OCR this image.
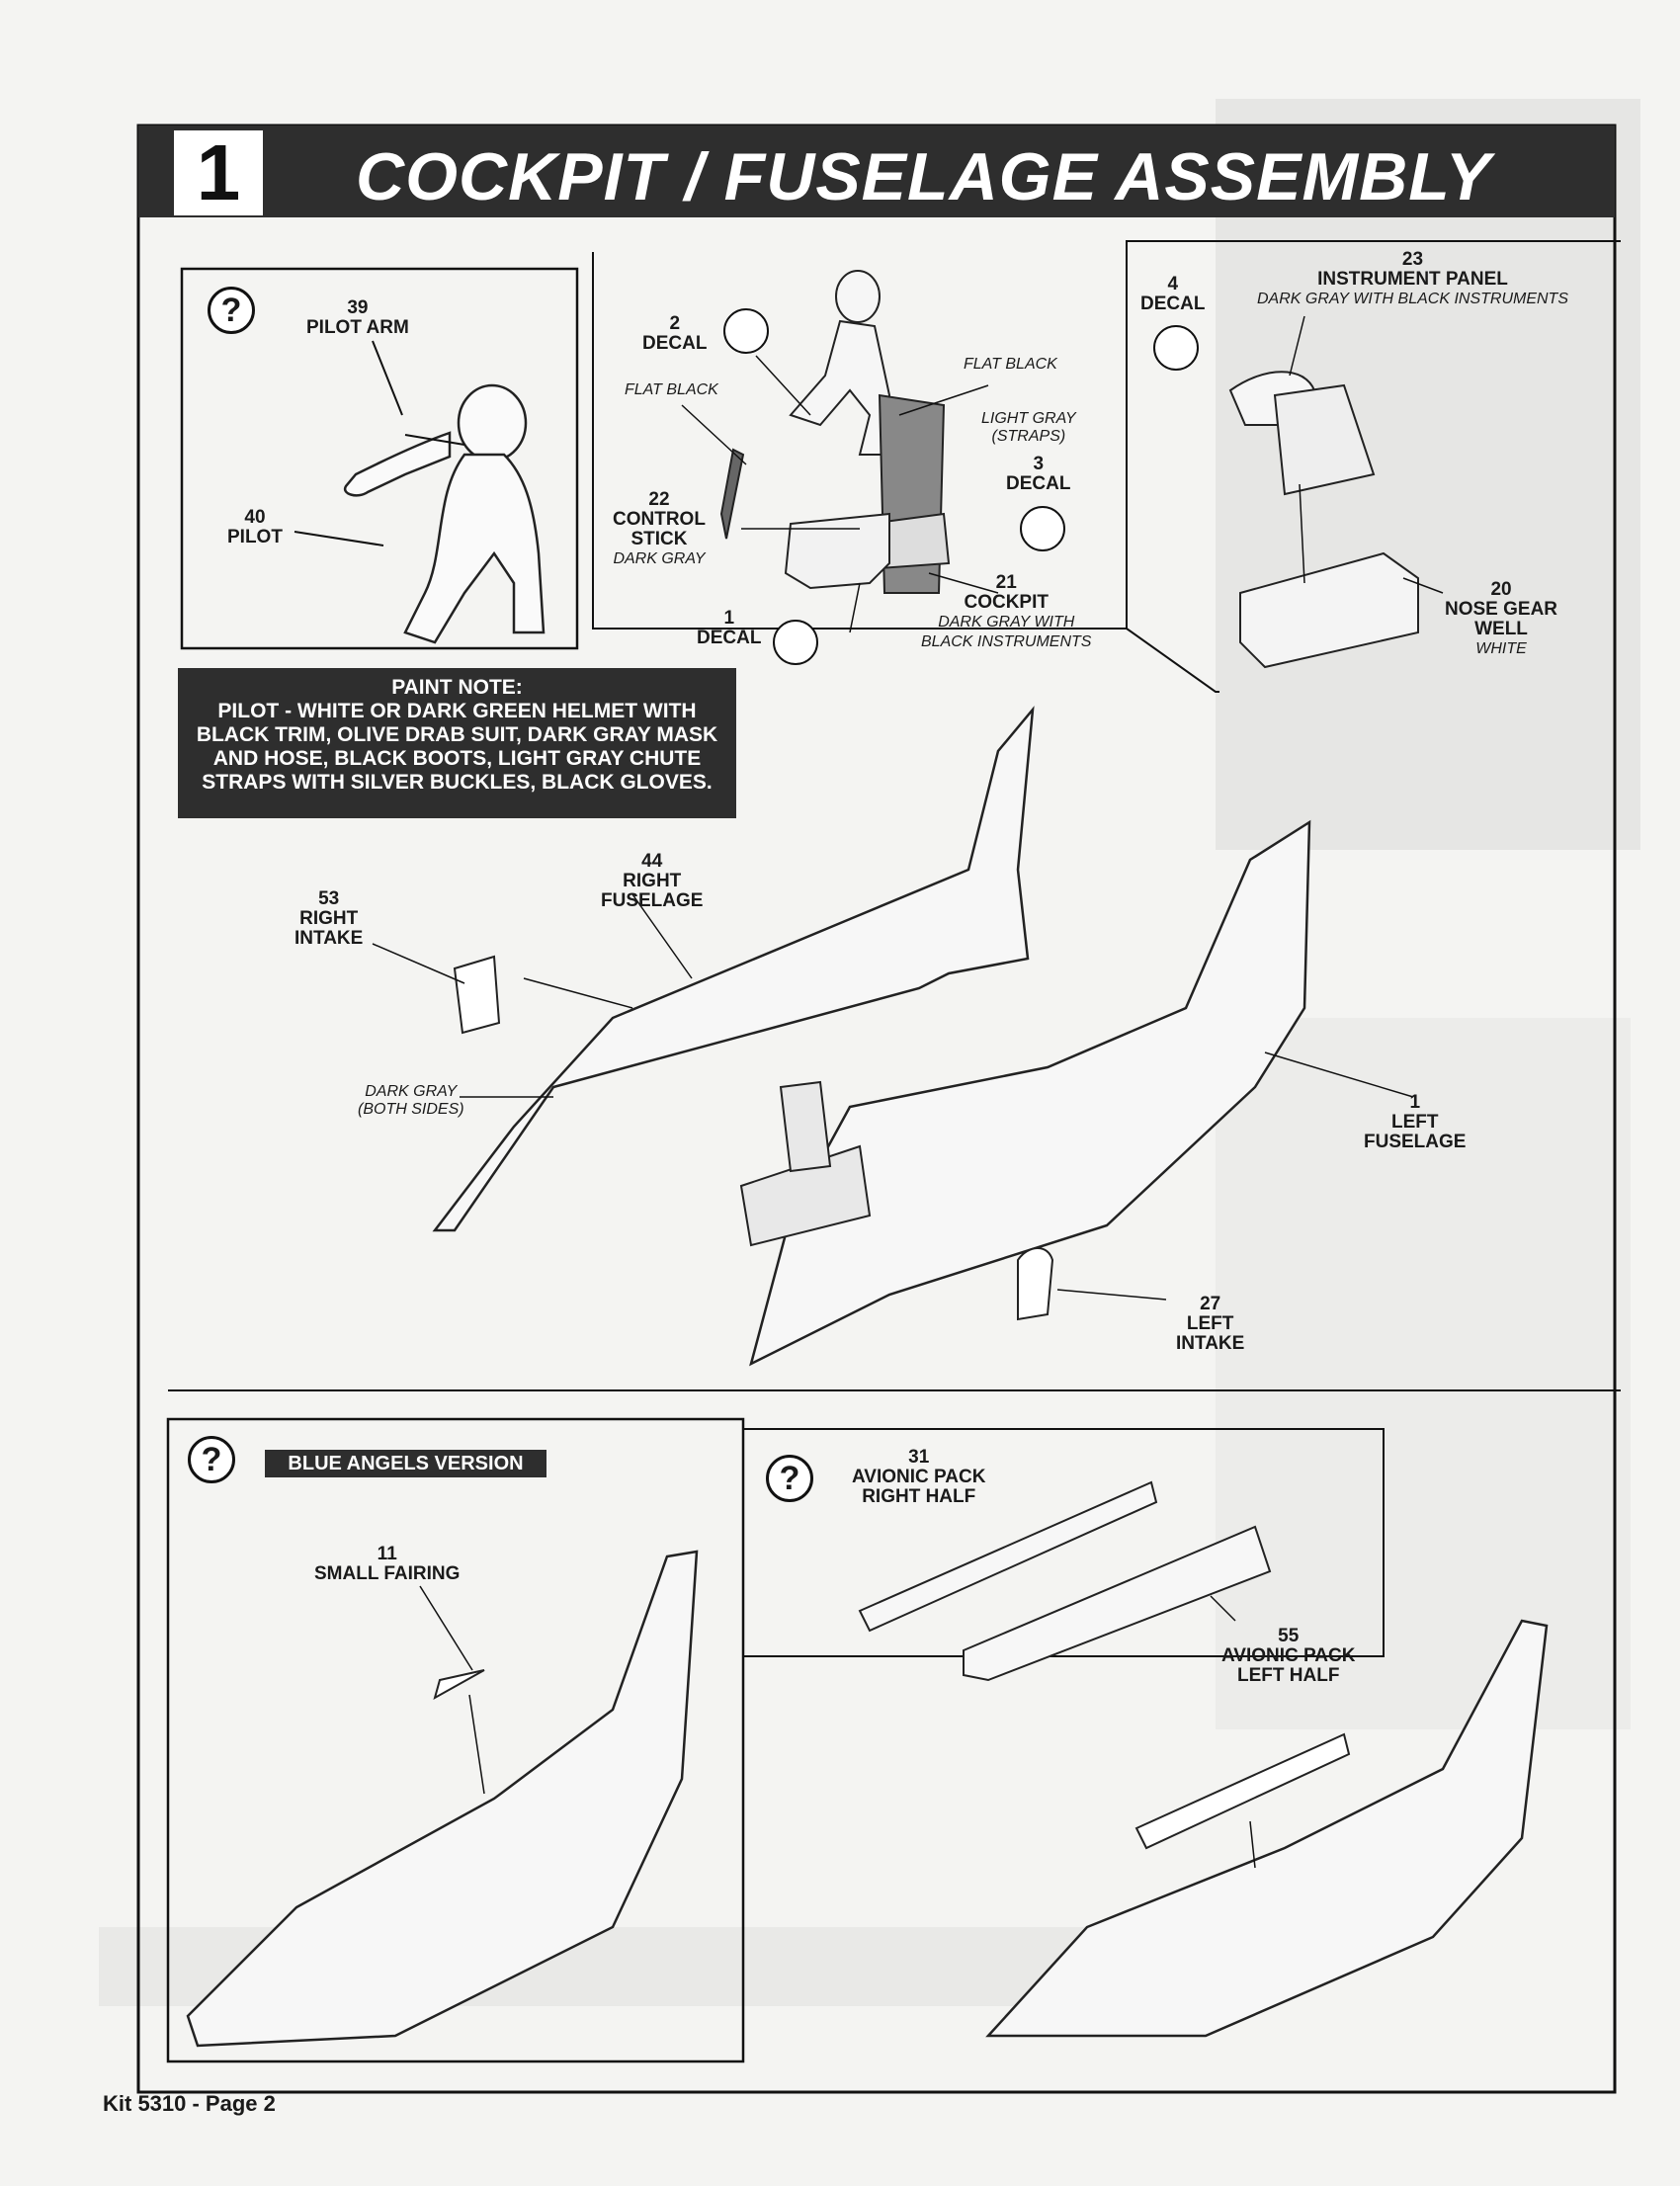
1	COCKPIT / FUSELAGE ASSEMBLY
?	39
PILOT ARM
40
PILOT
2
DECAL
FLAT BLACK
FLAT BLACK
LIGHT GRAY
(STRAPS)
3
DECAL
22
CONTROL
STICK
DARK GRAY
21
COCKPIT
DARK GRAY WITH
BLACK INSTRUMENTS
1
DECAL
4
DECAL
23
INSTRUMENT PANEL
DARK GRAY WITH BLACK INSTRUMENTS
20
NOSE GEAR
WELL
WHITE
PAINT NOTE:
PILOT - WHITE OR DARK GREEN HELMET WITH
BLACK TRIM, OLIVE DRAB SUIT, DARK GRAY MASK
AND HOSE, BLACK BOOTS, LIGHT GRAY CHUTE
STRAPS WITH SILVER BUCKLES, BLACK GLOVES.
44
RIGHT
FUSELAGE
53
RIGHT
INTAKE
DARK GRAY
(BOTH SIDES)	1
LEFT
FUSELAGE
27
LEFT
INTAKE
?	BLUE ANGELS VERSION
11
SMALL FAIRING
?
31
AVIONIC PACK
RIGHT HALF
55
AVIONIC PACK
LEFT HALF
Kit 5310 - Page 2
